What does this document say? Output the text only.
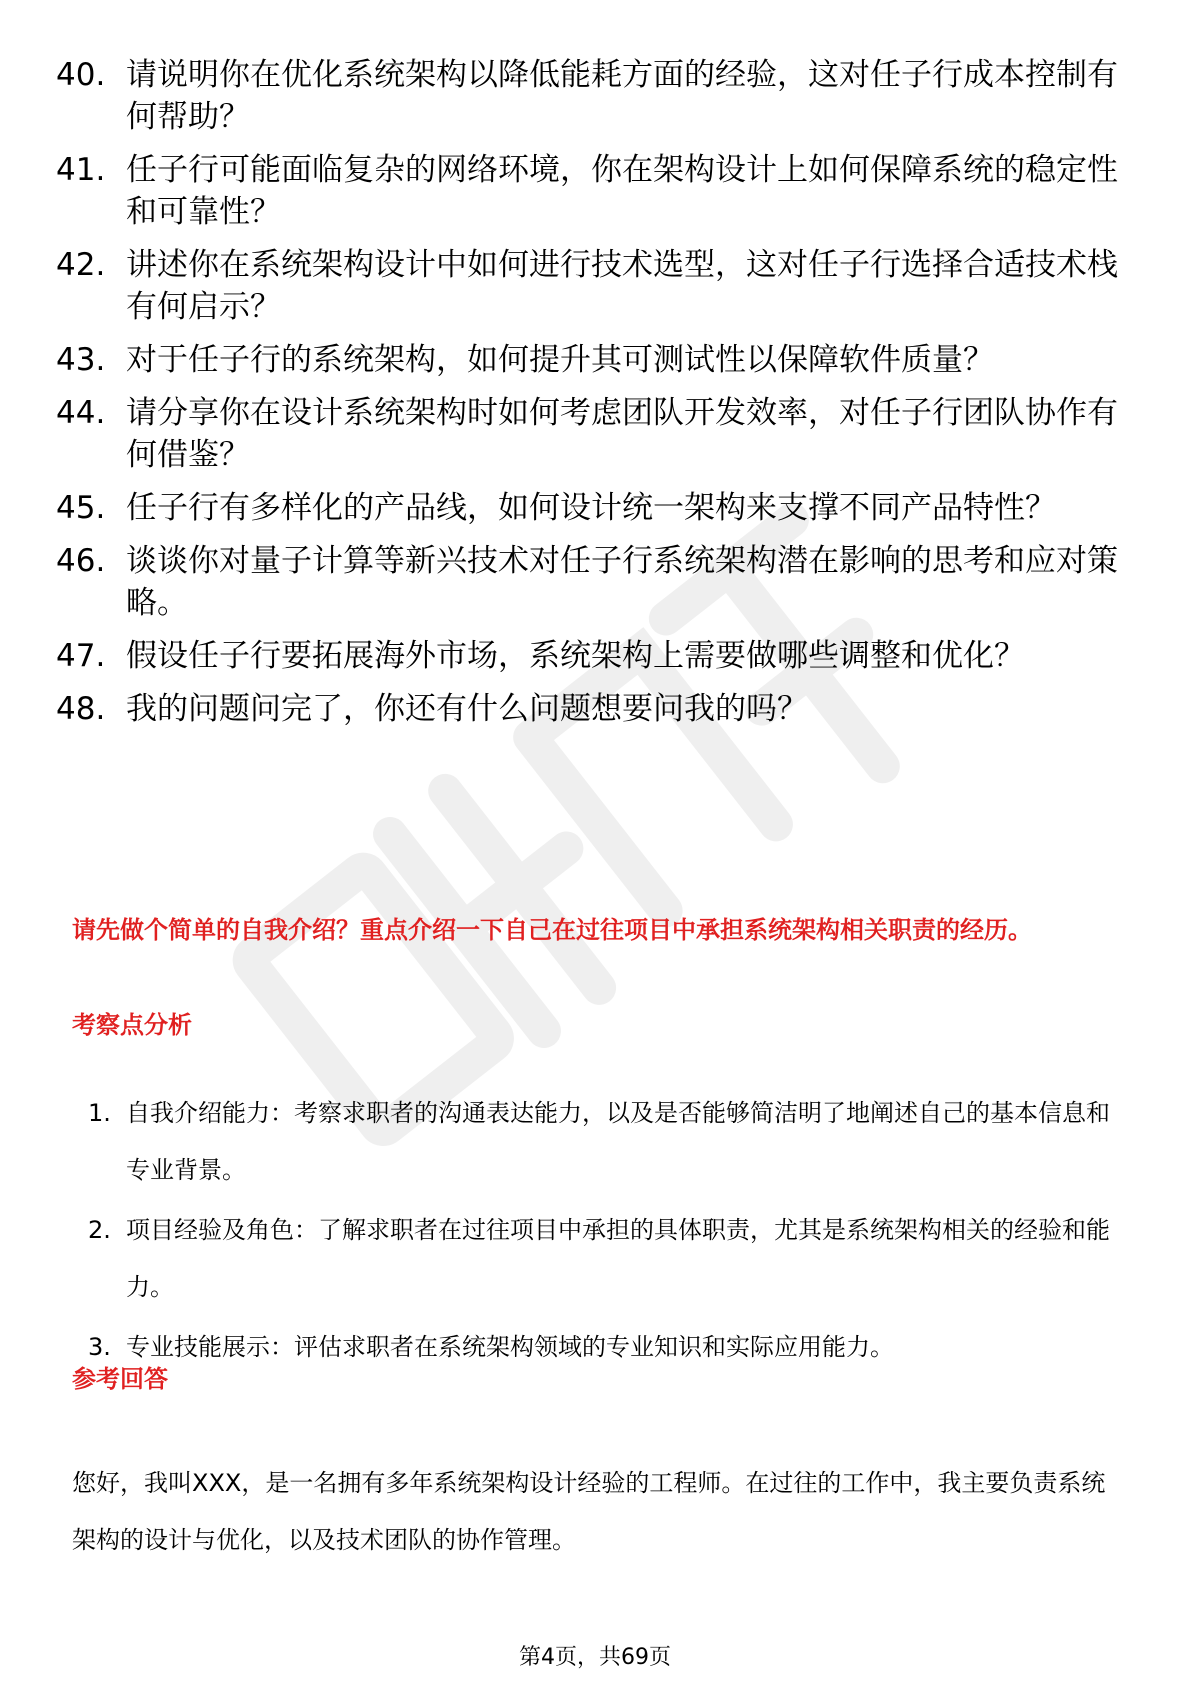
40. 请说明你在优化系统架构以降低能耗方面的经验，这对任子行成本控制有何帮助？
41. 任子行可能面临复杂的网络环境，你在架构设计上如何保障系统的稳定性和可靠性？
42. 讲述你在系统架构设计中如何进行技术选型，这对任子行选择合适技术栈有何启示？
43. 对于任子行的系统架构，如何提升其可测试性以保障软件质量？
44. 请分享你在设计系统架构时如何考虑团队开发效率，对任子行团队协作有何借鉴？
45. 任子行有多样化的产品线，如何设计统一架构来支撑不同产品特性？
46. 谈谈你对量子计算等新兴技术对任子行系统架构潜在影响的思考和应对策略。
47. 假设任子行要拓展海外市场，系统架构上需要做哪些调整和优化？
48. 我的问题问完了，你还有什么问题想要问我的吗？
请先做个简单的自我介绍？重点介绍一下自己在过往项目中承担系统架构相关职责的经历。
考察点分析
1. 自我介绍能力：考察求职者的沟通表达能力，以及是否能够简洁明了地阐述自己的基本信息和专业背景。
2. 项目经验及角色：了解求职者在过往项目中承担的具体职责，尤其是系统架构相关的经验和能力。
3. 专业技能展示：评估求职者在系统架构领域的专业知识和实际应用能力。
参考回答

您好，我叫XXX，是一名拥有多年系统架构设计经验的工程师。在过往的工作中，我主要负责系统架构的设计与优化，以及技术团队的协作管理。

第4页，共69页
